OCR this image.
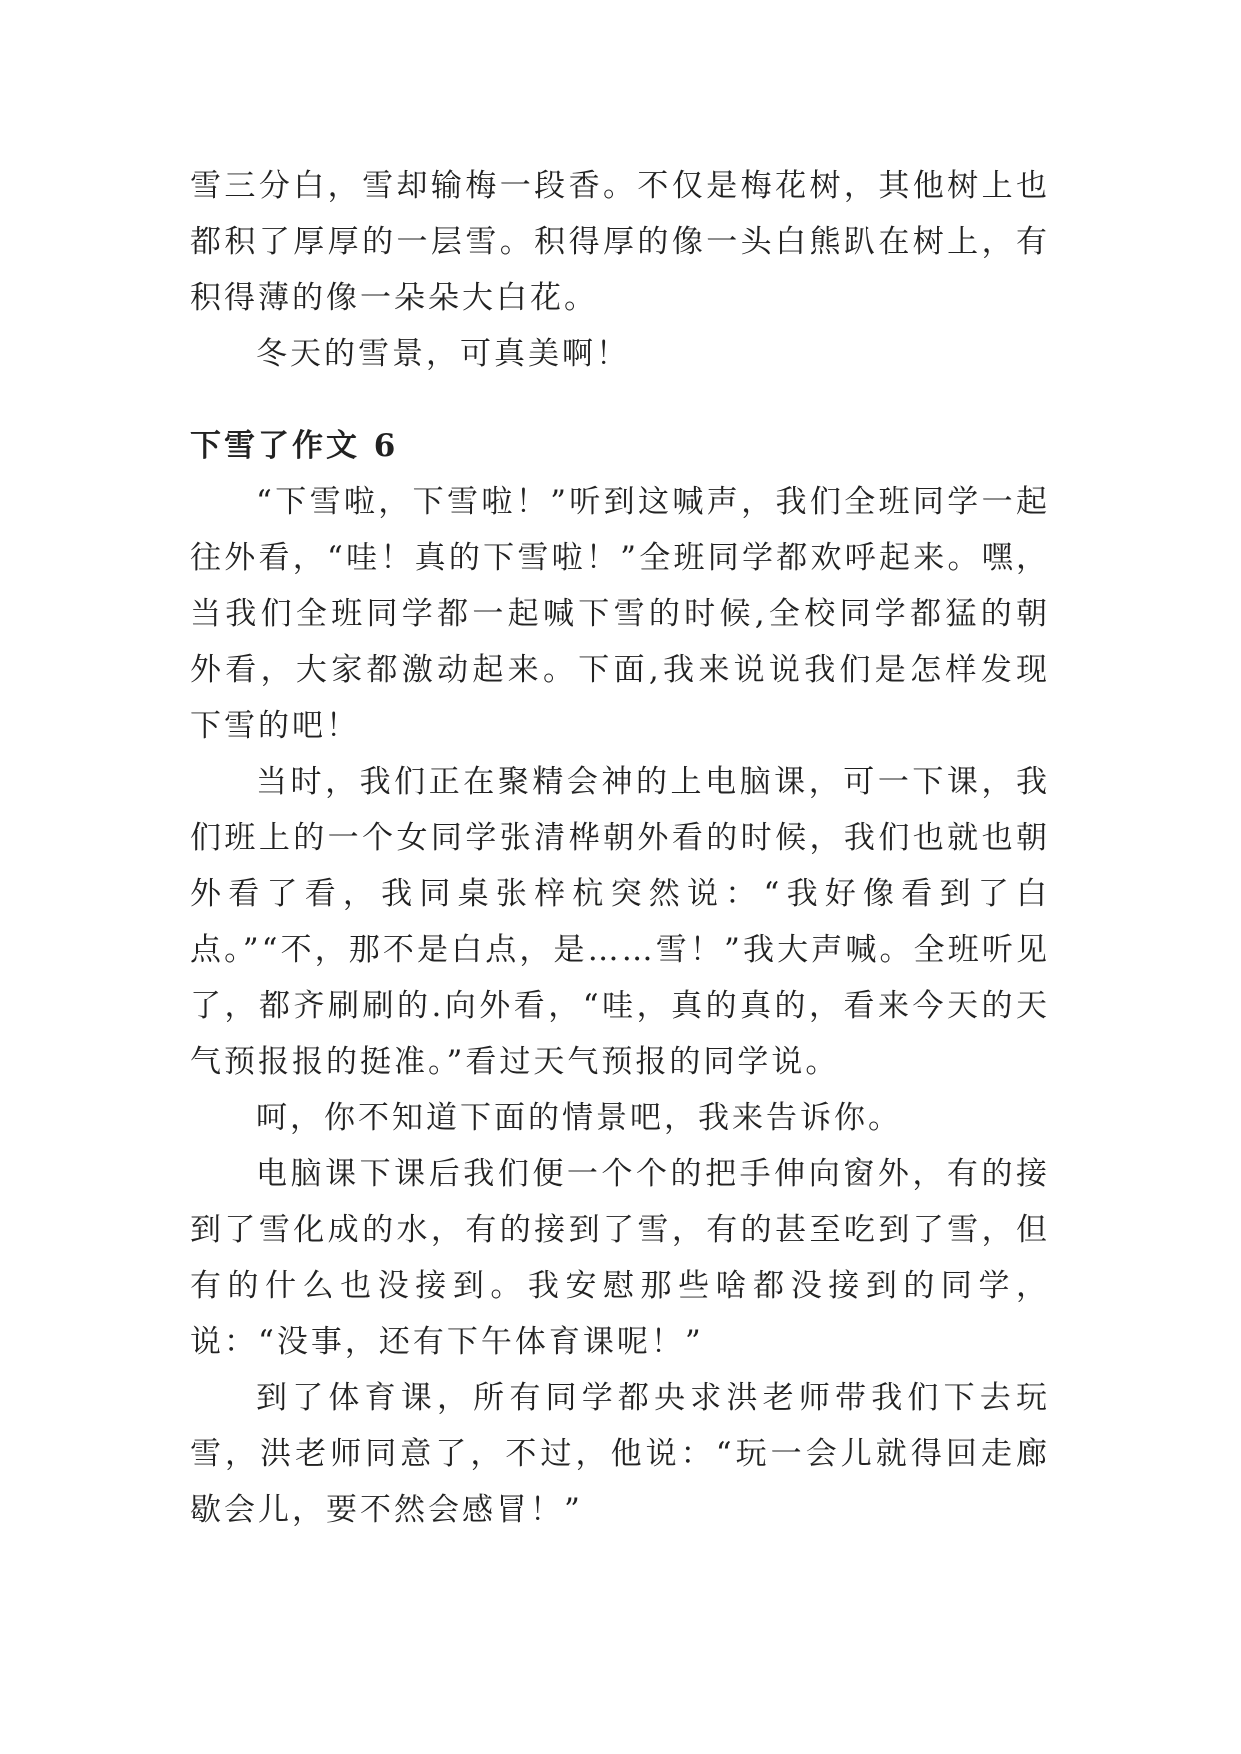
雪三分白，雪却输梅一段香。不仅是梅花树，其他树上也都积了厚厚的一层雪。积得厚的像一头白熊趴在树上，有积得薄的像一朵朵大白花。

冬天的雪景，可真美啊！

下雪了作文 6

“下雪啦，下雪啦！”听到这喊声，我们全班同学一起往外看，“哇！真的下雪啦！”全班同学都欢呼起来。嘿，当我们全班同学都一起喊下雪的时候,全校同学都猛的朝外看，大家都激动起来。下面,我来说说我们是怎样发现下雪的吧！

当时，我们正在聚精会神的上电脑课，可一下课，我们班上的一个女同学张清桦朝外看的时候，我们也就也朝外看了看，我同桌张梓杭突然说：“我好像看到了白点。”“不，那不是白点，是……雪！”我大声喊。全班听见了，都齐刷刷的.向外看，“哇，真的真的，看来今天的天气预报报的挺准。”看过天气预报的同学说。

呵，你不知道下面的情景吧，我来告诉你。

电脑课下课后我们便一个个的把手伸向窗外，有的接到了雪化成的水，有的接到了雪，有的甚至吃到了雪，但有的什么也没接到。我安慰那些啥都没接到的同学，说：“没事，还有下午体育课呢！”

到了体育课，所有同学都央求洪老师带我们下去玩雪，洪老师同意了，不过，他说：“玩一会儿就得回走廊歇会儿，要不然会感冒！”
